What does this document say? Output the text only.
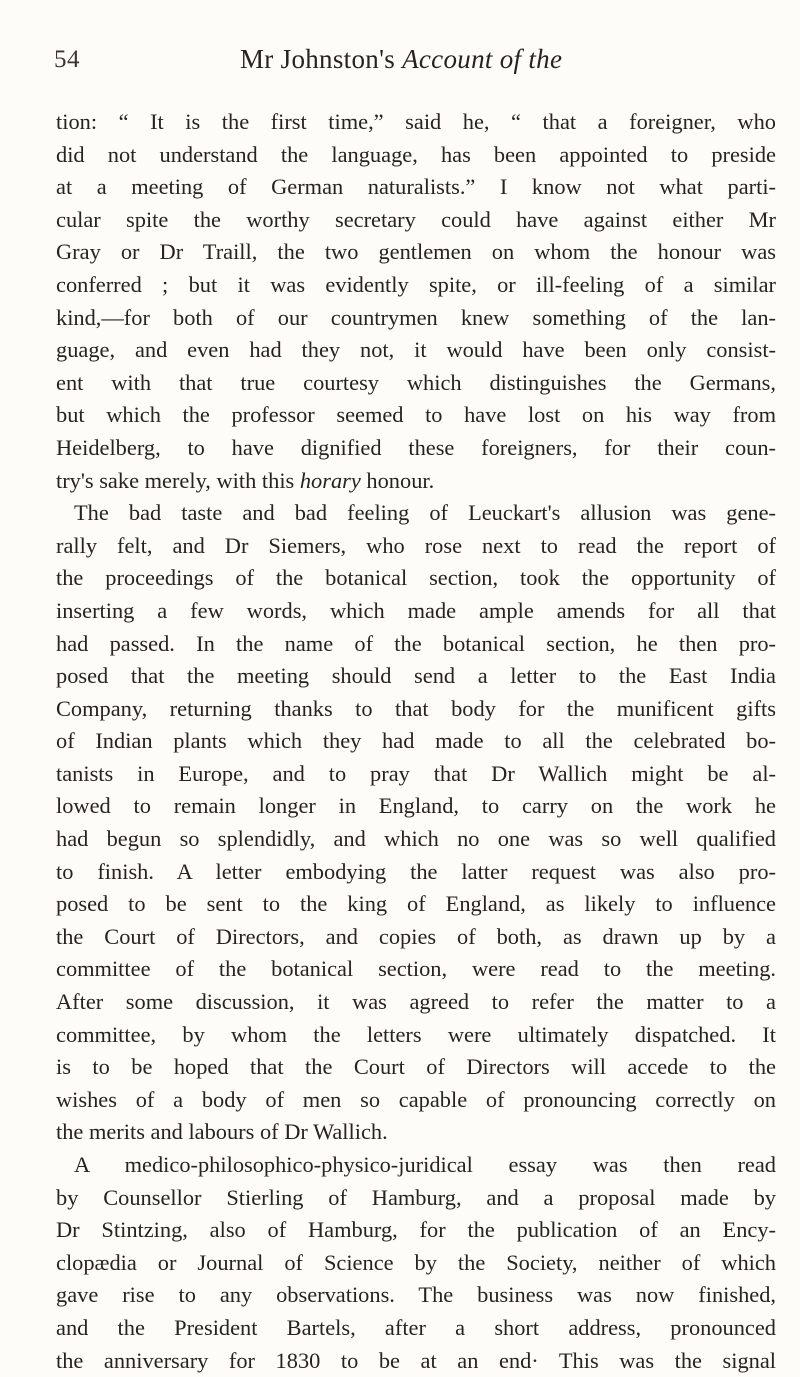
54	Mr Johnston's Account of the
tion: “ It is the first time,” said he, “ that a foreigner, who
did not understand the language, has been appointed to preside
at a meeting of German naturalists.” I know not what parti-
cular spite the worthy secretary could have against either Mr
Gray or Dr Traill, the two gentlemen on whom the honour was
conferred ; but it was evidently spite, or ill-feeling of a similar
kind,—for both of our countrymen knew something of the lan-
guage, and even had they not, it would have been only consist-
ent with that true courtesy which distinguishes the Germans,
but which the professor seemed to have lost on his way from
Heidelberg, to have dignified these foreigners, for their coun-
try's sake merely, with this horary honour.
The bad taste and bad feeling of Leuckart's allusion was gene-
rally felt, and Dr Siemers, who rose next to read the report of
the proceedings of the botanical section, took the opportunity of
inserting a few words, which made ample amends for all that
had passed. In the name of the botanical section, he then pro-
posed that the meeting should send a letter to the East India
Company, returning thanks to that body for the munificent gifts
of Indian plants which they had made to all the celebrated bo-
tanists in Europe, and to pray that Dr Wallich might be al-
lowed to remain longer in England, to carry on the work he
had begun so splendidly, and which no one was so well qualified
to finish. A letter embodying the latter request was also pro-
posed to be sent to the king of England, as likely to influence
the Court of Directors, and copies of both, as drawn up by a
committee of the botanical section, were read to the meeting.
After some discussion, it was agreed to refer the matter to a
committee, by whom the letters were ultimately dispatched. It
is to be hoped that the Court of Directors will accede to the
wishes of a body of men so capable of pronouncing correctly on
the merits and labours of Dr Wallich.
A medico-philosophico-physico-juridical essay was then read
by Counsellor Stierling of Hamburg, and a proposal made by
Dr Stintzing, also of Hamburg, for the publication of an Ency-
clopædia or Journal of Science by the Society, neither of which
gave rise to any observations. The business was now finished,
and the President Bartels, after a short address, pronounced
the anniversary for 1830 to be at an end· This was the signal
